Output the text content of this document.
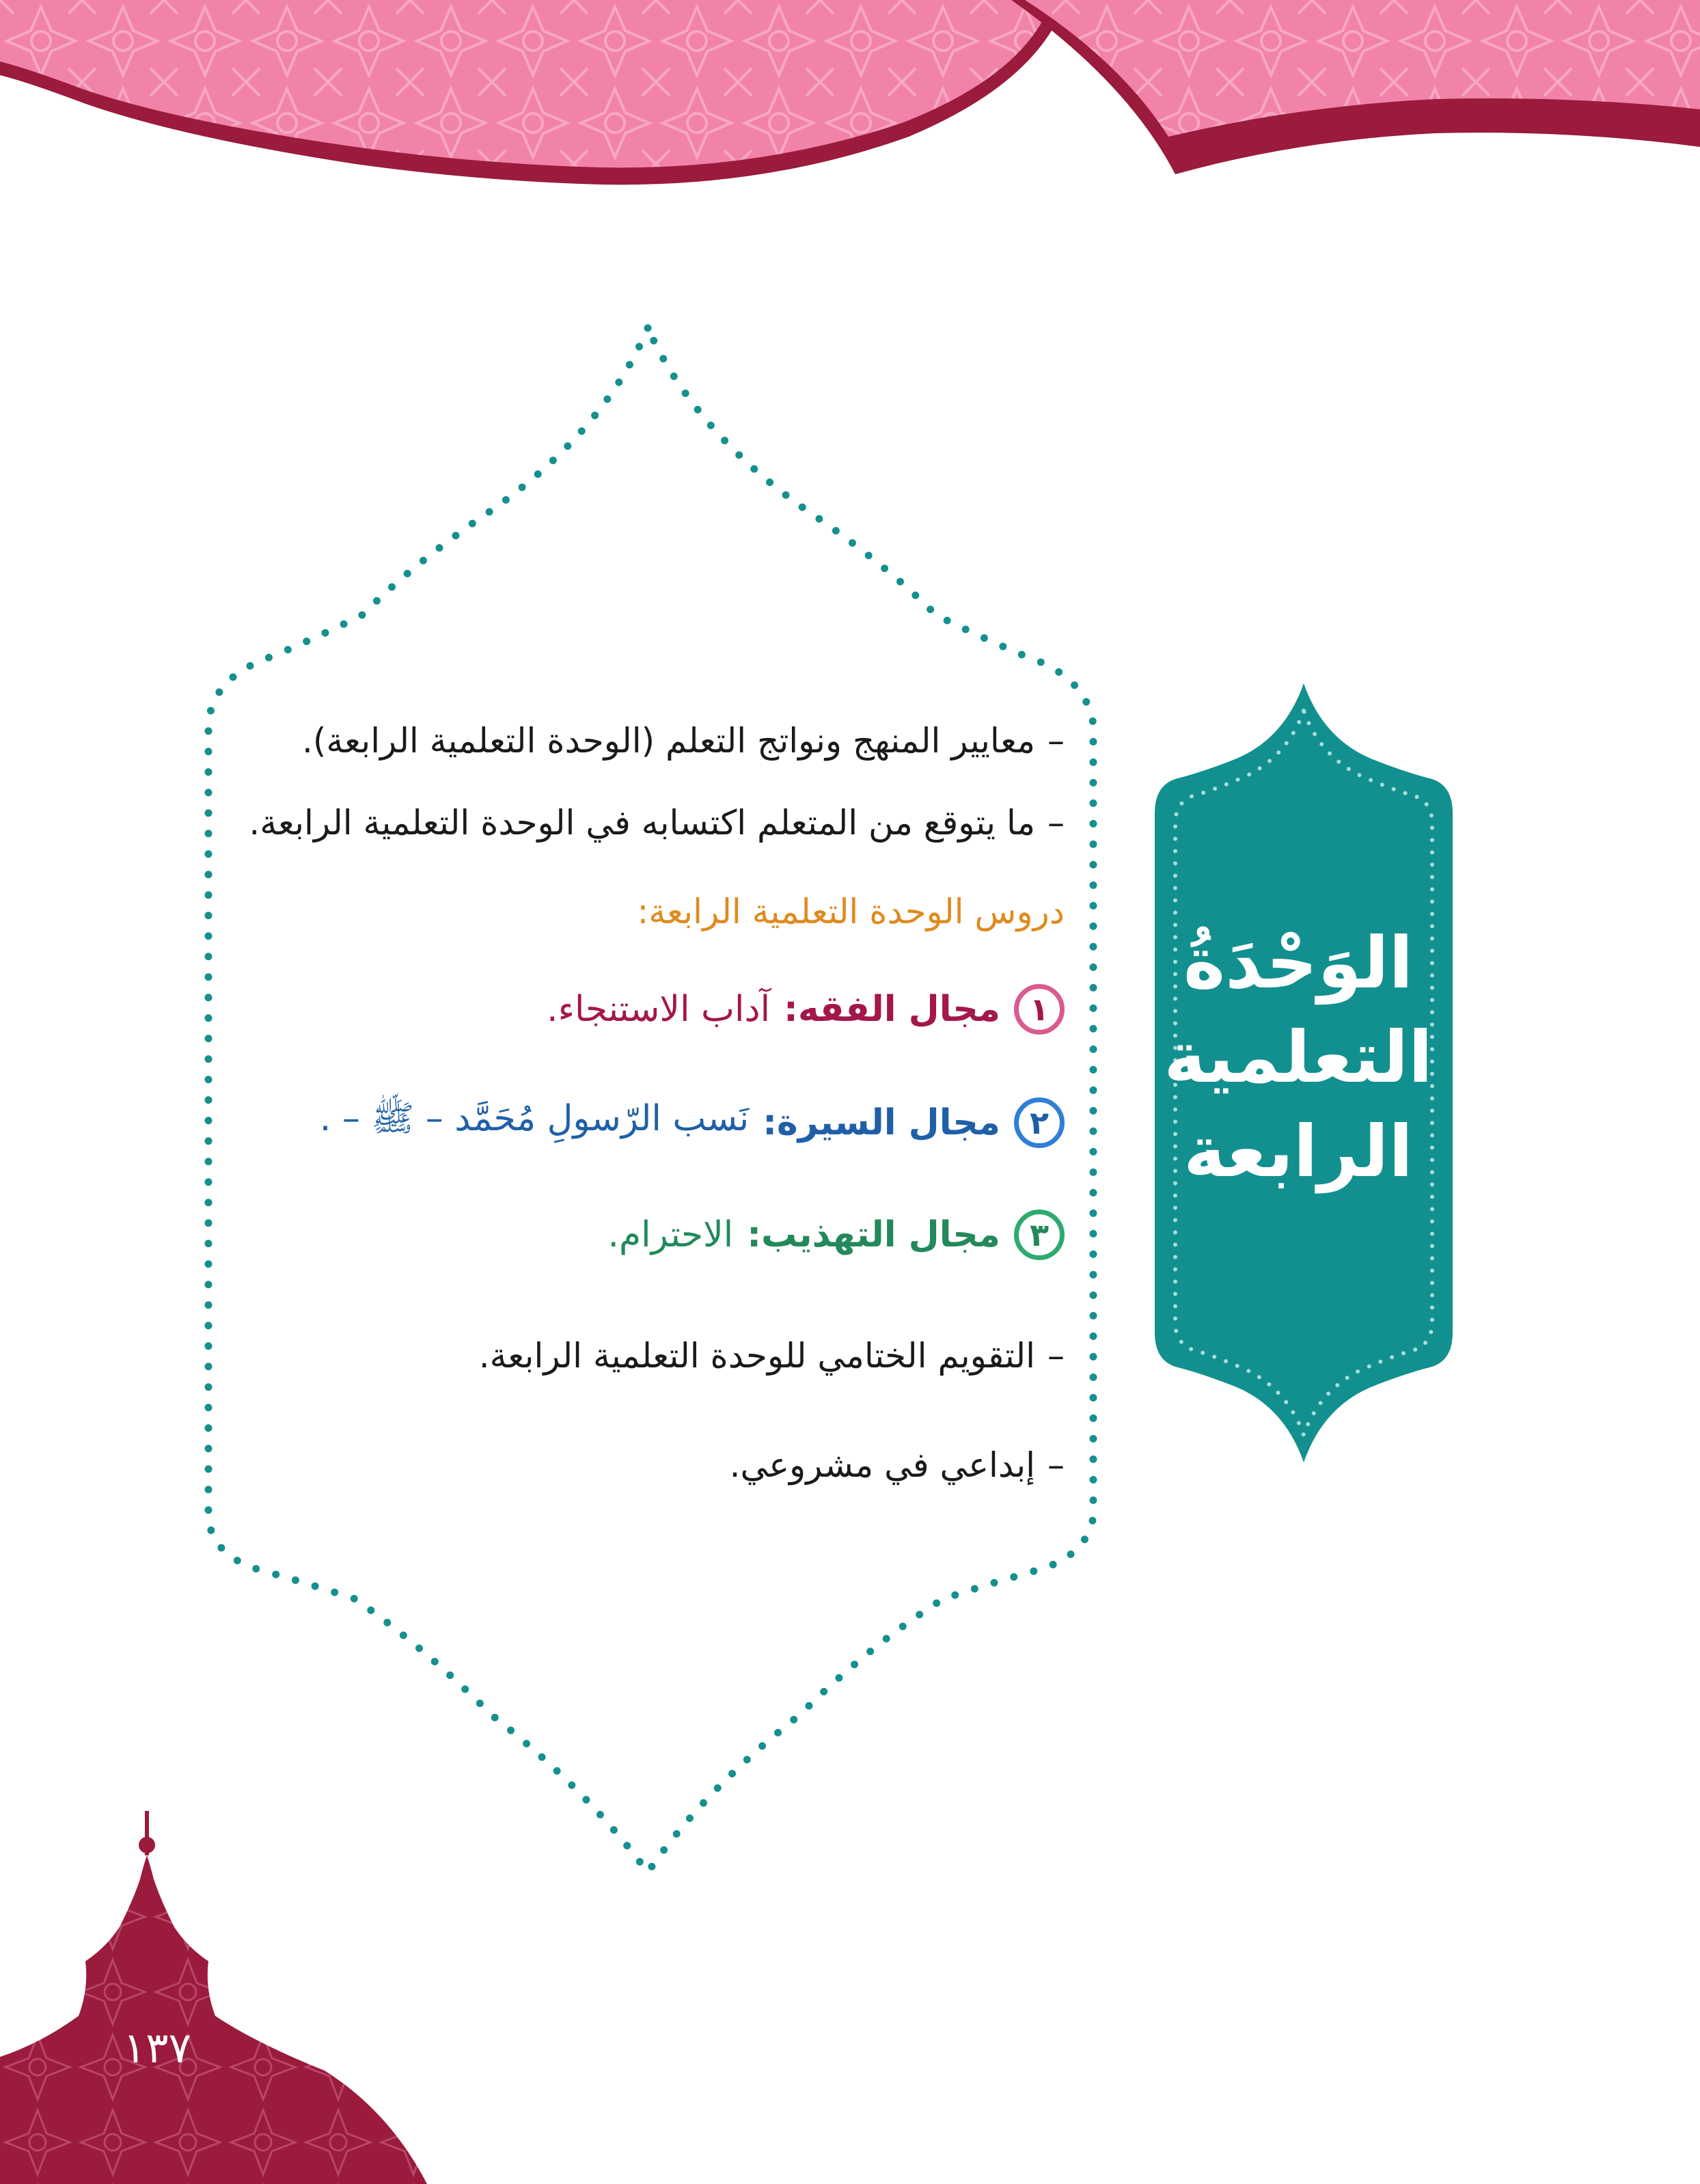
الوَحْدَةُ
التعلمية
الرابعة
–معايير المنهج ونواتج التعلم (الوحدة التعلمية الرابعة).
–ما يتوقع من المتعلم اكتسابه في الوحدة التعلمية الرابعة.
دروس الوحدة التعلمية الرابعة:
١
مجال الفقه:
آداب الاستنجاء.
٢
مجال السيرة:
نَسب الرّسولِ مُحَمَّد – ﷺ – .
٣
مجال التهذيب:
الاحترام.
–التقويم الختامي للوحدة التعلمية الرابعة.
–إبداعي في مشروعي.
١٣٧
